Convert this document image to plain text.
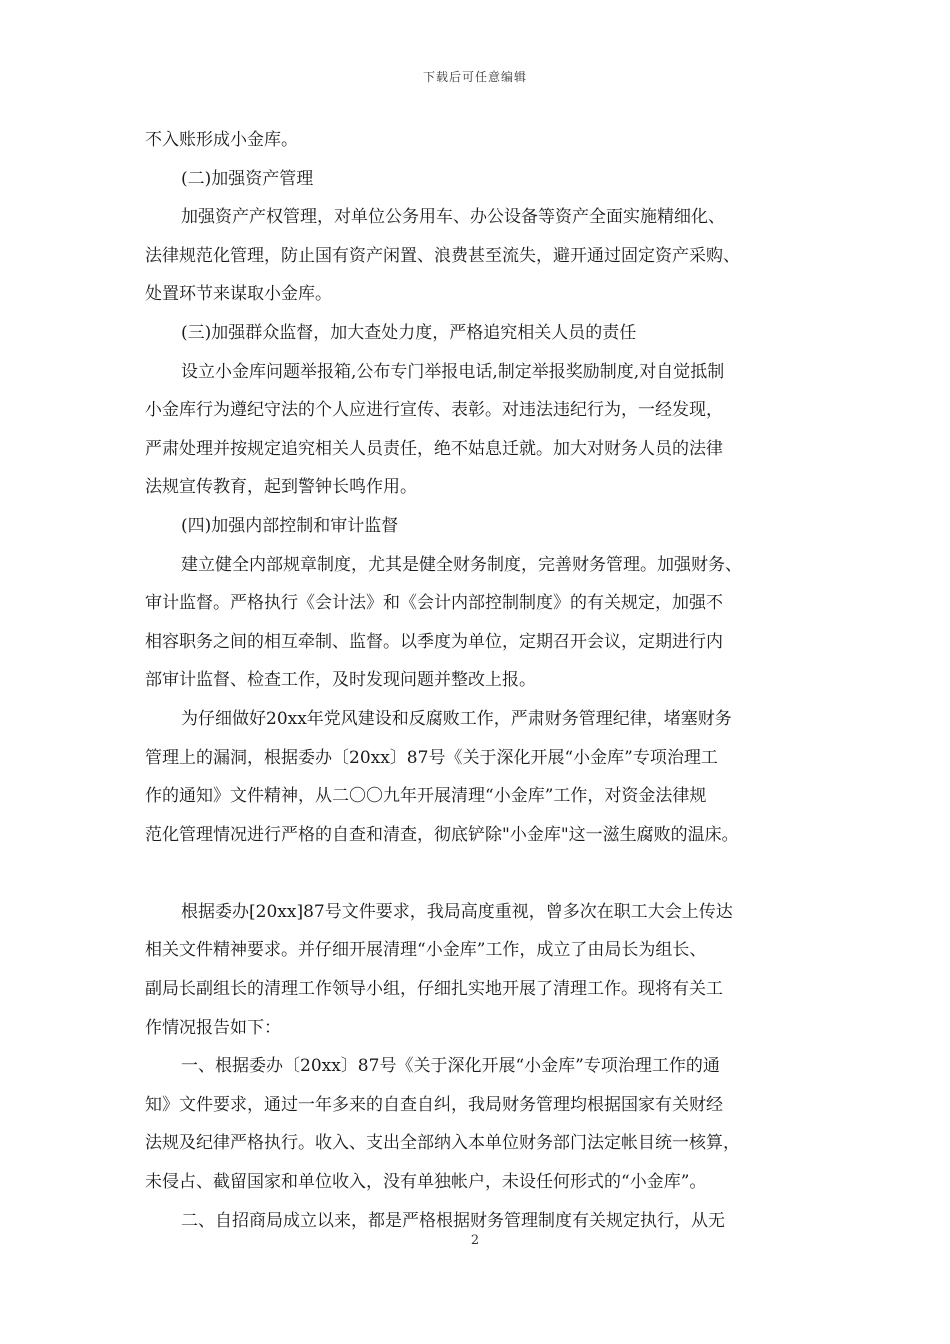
下载后可任意编辑
不入账形成小金库。
(二)加强资产管理
加强资产产权管理，对单位公务用车、办公设备等资产全面实施精细化、
法律规范化管理，防止国有资产闲置、浪费甚至流失，避开通过固定资产采购、
处置环节来谋取小金库。
(三)加强群众监督，加大查处力度，严格追究相关人员的责任
设立小金库问题举报箱,公布专门举报电话,制定举报奖励制度,对自觉抵制
小金库行为遵纪守法的个人应进行宣传、表彰。对违法违纪行为，一经发现，
严肃处理并按规定追究相关人员责任，绝不姑息迁就。加大对财务人员的法律
法规宣传教育，起到警钟长鸣作用。
(四)加强内部控制和审计监督
建立健全内部规章制度，尤其是健全财务制度，完善财务管理。加强财务、
审计监督。严格执行《会计法》和《会计内部控制制度》的有关规定，加强不
相容职务之间的相互牵制、监督。以季度为单位，定期召开会议，定期进行内
部审计监督、检查工作，及时发现问题并整改上报。
为仔细做好20xx年党风建设和反腐败工作，严肃财务管理纪律，堵塞财务
管理上的漏洞，根据委办〔20xx〕87号《关于深化开展“小金库”专项治理工
作的通知》文件精神，从二〇〇九年开展清理“小金库”工作，对资金法律规
范化管理情况进行严格的自查和清查，彻底铲除"小金库"这一滋生腐败的温床。
根据委办[20xx]87号文件要求，我局高度重视，曾多次在职工大会上传达
相关文件精神要求。并仔细开展清理“小金库”工作，成立了由局长为组长、
副局长副组长的清理工作领导小组，仔细扎实地开展了清理工作。现将有关工
作情况报告如下：
一、根据委办〔20xx〕87号《关于深化开展“小金库”专项治理工作的通
知》文件要求，通过一年多来的自查自纠，我局财务管理均根据国家有关财经
法规及纪律严格执行。收入、支出全部纳入本单位财务部门法定帐目统一核算，
未侵占、截留国家和单位收入，没有单独帐户，未设任何形式的“小金库”。
二、自招商局成立以来，都是严格根据财务管理制度有关规定执行，从无
2
